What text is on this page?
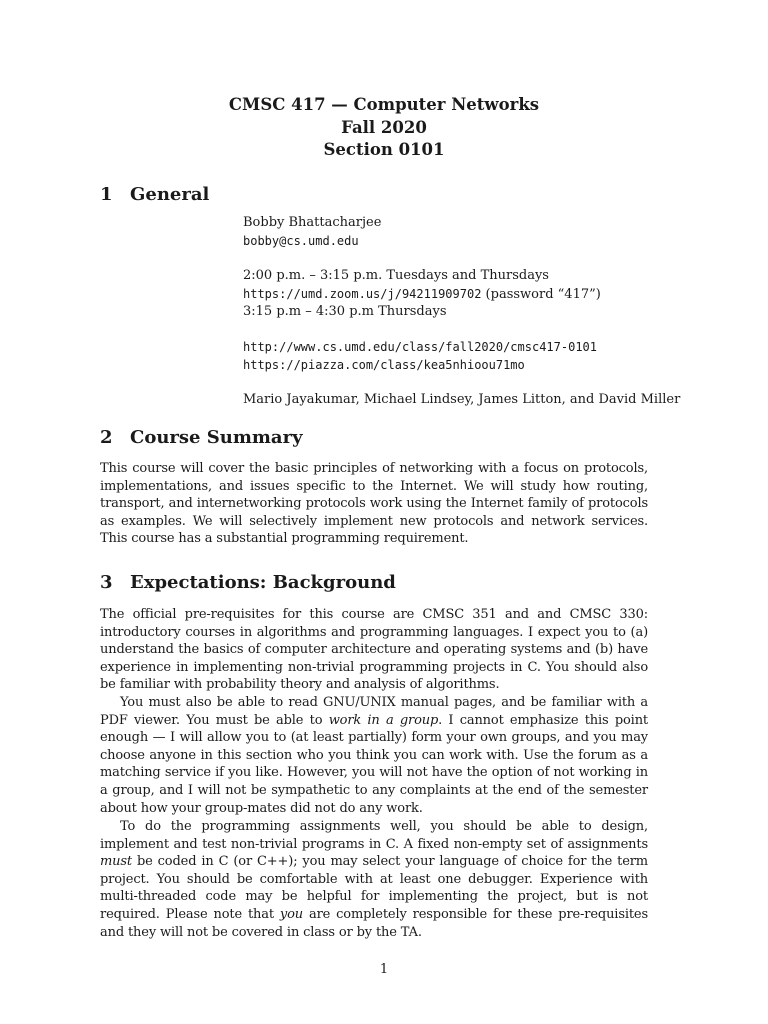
CMSC 417 — Computer Networks
Fall 2020
Section 0101
1 General
Bobby Bhattacharjee
bobby@cs.umd.edu
2:00 p.m. – 3:15 p.m. Tuesdays and Thursdays
https://umd.zoom.us/j/94211909702 (password “417”)
3:15 p.m – 4:30 p.m Thursdays
http://www.cs.umd.edu/class/fall2020/cmsc417-0101
https://piazza.com/class/kea5nhioou71mo
Mario Jayakumar, Michael Lindsey, James Litton, and David Miller
2 Course Summary

This course will cover the basic principles of networking with a focus on protocols, implementations, and issues specific to the Internet. We will study how routing, transport, and internetworking protocols work using the Internet family of protocols as examples. We will selectively implement new protocols and network services. This course has a substantial programming requirement.

3 Expectations: Background

The official pre-requisites for this course are CMSC 351 and and CMSC 330: introductory courses in algorithms and programming languages. I expect you to (a) understand the basics of computer architecture and operating systems and (b) have experience in implementing non-trivial programming projects in C. You should also be familiar with probability theory and analysis of algorithms.

You must also be able to read GNU/UNIX manual pages, and be familiar with a PDF viewer. You must be able to work in a group. I cannot emphasize this point enough — I will allow you to (at least partially) form your own groups, and you may choose anyone in this section who you think you can work with. Use the forum as a matching service if you like. However, you will not have the option of not working in a group, and I will not be sympathetic to any complaints at the end of the semester about how your group-mates did not do any work.

To do the programming assignments well, you should be able to design, implement and test non-trivial programs in C. A fixed non-empty set of assignments must be coded in C (or C++); you may select your language of choice for the term project. You should be comfortable with at least one debugger. Experience with multi-threaded code may be helpful for implementing the project, but is not required. Please note that you are completely responsible for these pre-requisites and they will not be covered in class or by the TA.

1
